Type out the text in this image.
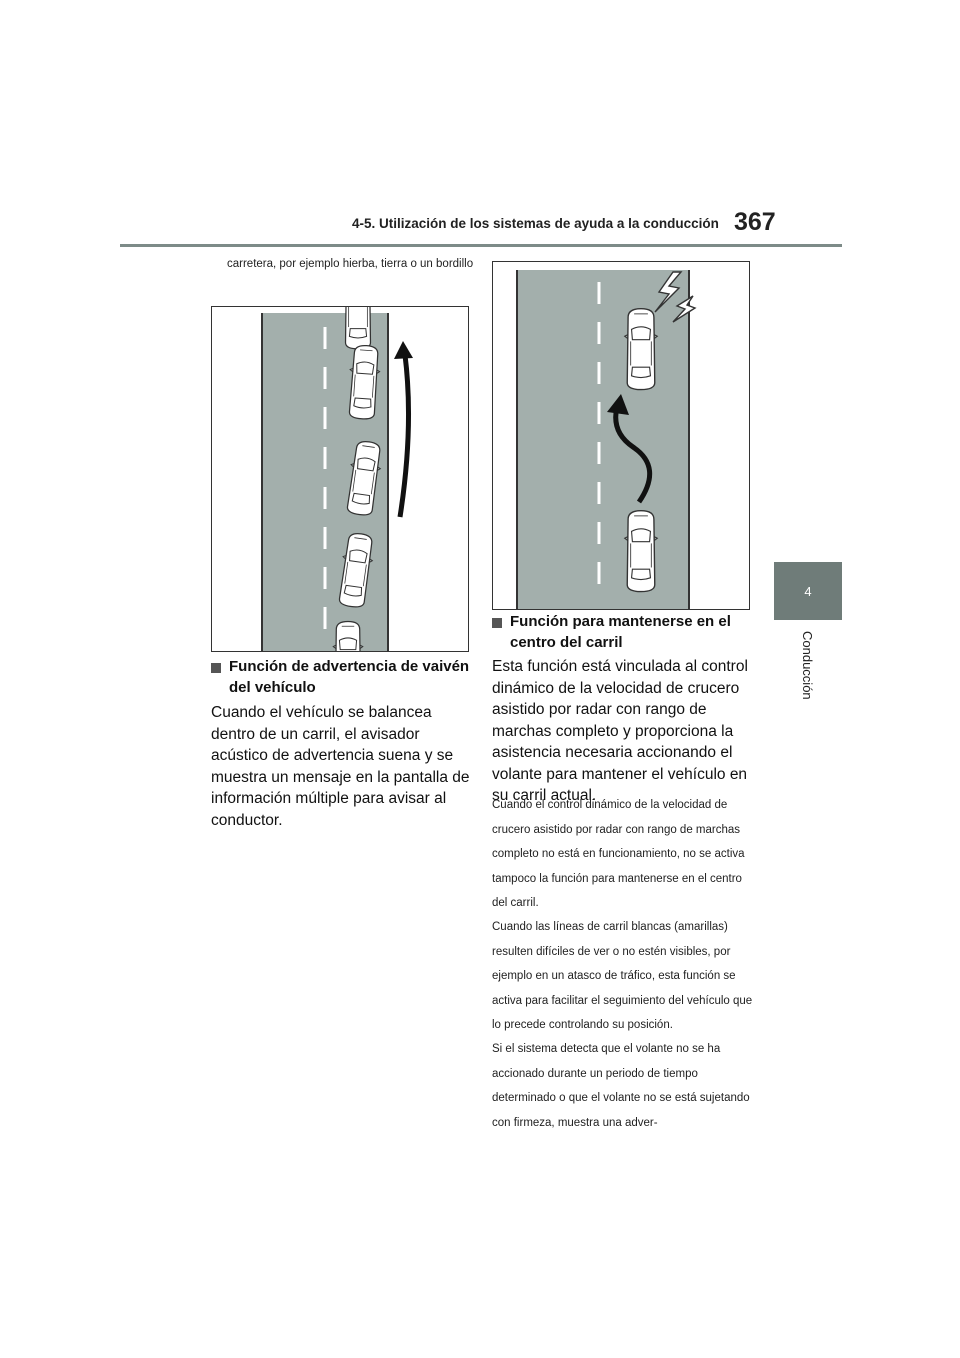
4-5. Utilización de los sistemas de ayuda a la conducción 367
4
Conducción
carretera, por ejemplo hierba, tierra o un bordillo
Función de advertencia de vaivén del vehículo
Cuando el vehículo se balancea dentro de un carril, el avisador acústico de advertencia suena y se muestra un mensaje en la pantalla de información múltiple para avisar al conductor.
Función para mantenerse en el centro del carril
Esta función está vinculada al control dinámico de la velocidad de crucero asistido por radar con rango de marchas completo y proporciona la asistencia necesaria accionando el volante para mantener el vehículo en su carril actual.
Cuando el control dinámico de la velocidad de crucero asistido por radar con rango de marchas completo no está en funcionamiento, no se activa tampoco la función para mantenerse en el centro del carril.
Cuando las líneas de carril blancas (amarillas) resulten difíciles de ver o no estén visibles, por ejemplo en un atasco de tráfico, esta función se activa para facilitar el seguimiento del vehículo que lo precede controlando su posición.
Si el sistema detecta que el volante no se ha accionado durante un periodo de tiempo determinado o que el volante no se está sujetando con firmeza, muestra una adver-
